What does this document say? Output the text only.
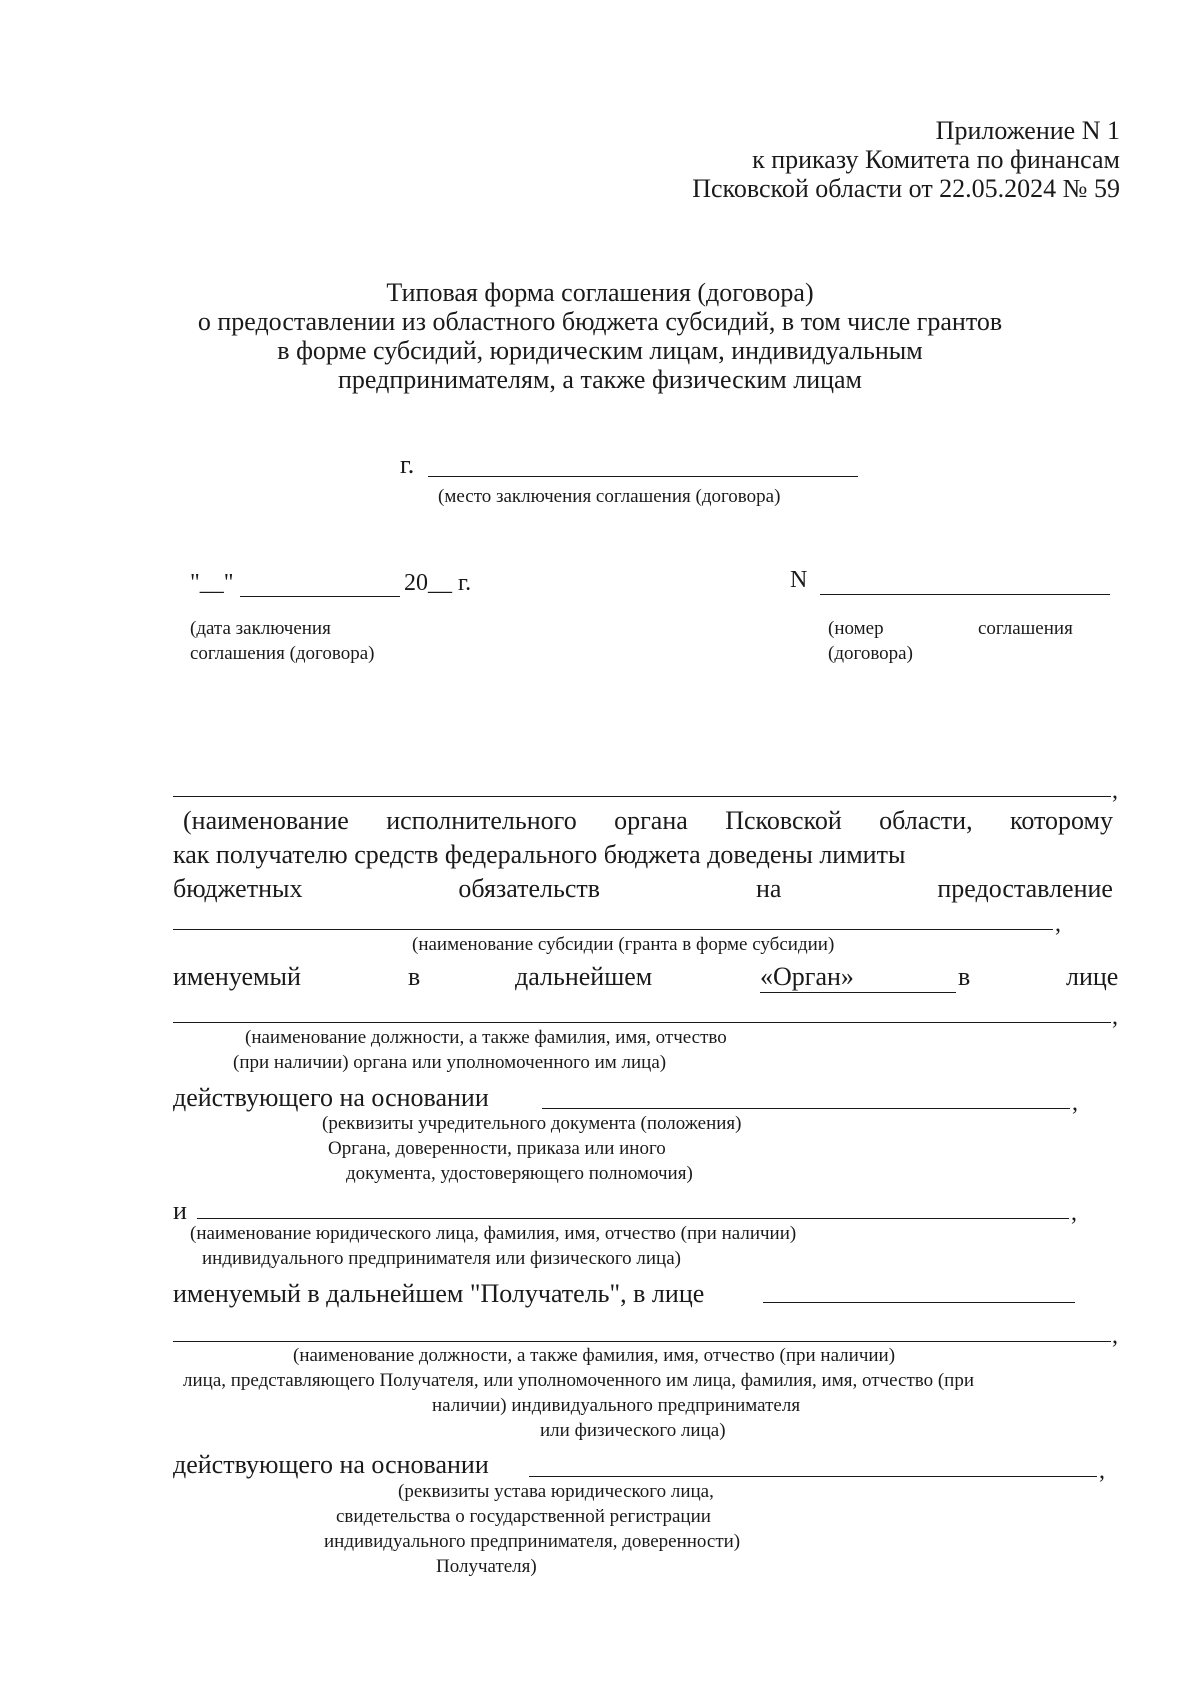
Приложение N 1
к приказу Комитета по финансам
Псковской области от 22.05.2024 № 59
Типовая форма соглашения (договора)
о предоставлении из областного бюджета субсидий, в том числе грантов
в форме субсидий, юридическим лицам, индивидуальным
предпринимателям, а также физическим лицам
г.
(место заключения соглашения (договора)
"__"	20__ г.
(дата заключения
соглашения (договора)
N
(номер	соглашения
(договора)
,
(наименование исполнительного органа Псковской области, которому
как получателю средств федерального бюджета доведены лимиты
бюджетных	обязательств	на	предоставление
,
(наименование субсидии (гранта в форме субсидии)
именуемый	в	дальнейшем	«Орган»	в	лице
,
(наименование должности, а также фамилия, имя, отчество
(при наличии) органа или уполномоченного им лица)
действующего на основании	,
(реквизиты учредительного документа (положения)
Органа, доверенности, приказа или иного
документа, удостоверяющего полномочия)
и	,
(наименование юридического лица, фамилия, имя, отчество (при наличии)
индивидуального предпринимателя или физического лица)
именуемый в дальнейшем "Получатель", в лице
,
(наименование должности, а также фамилия, имя, отчество (при наличии)
лица, представляющего Получателя, или уполномоченного им лица, фамилия, имя, отчество (при
наличии) индивидуального предпринимателя
или физического лица)
действующего на основании	,
(реквизиты устава юридического лица,
свидетельства о государственной регистрации
индивидуального предпринимателя, доверенности)
Получателя)
